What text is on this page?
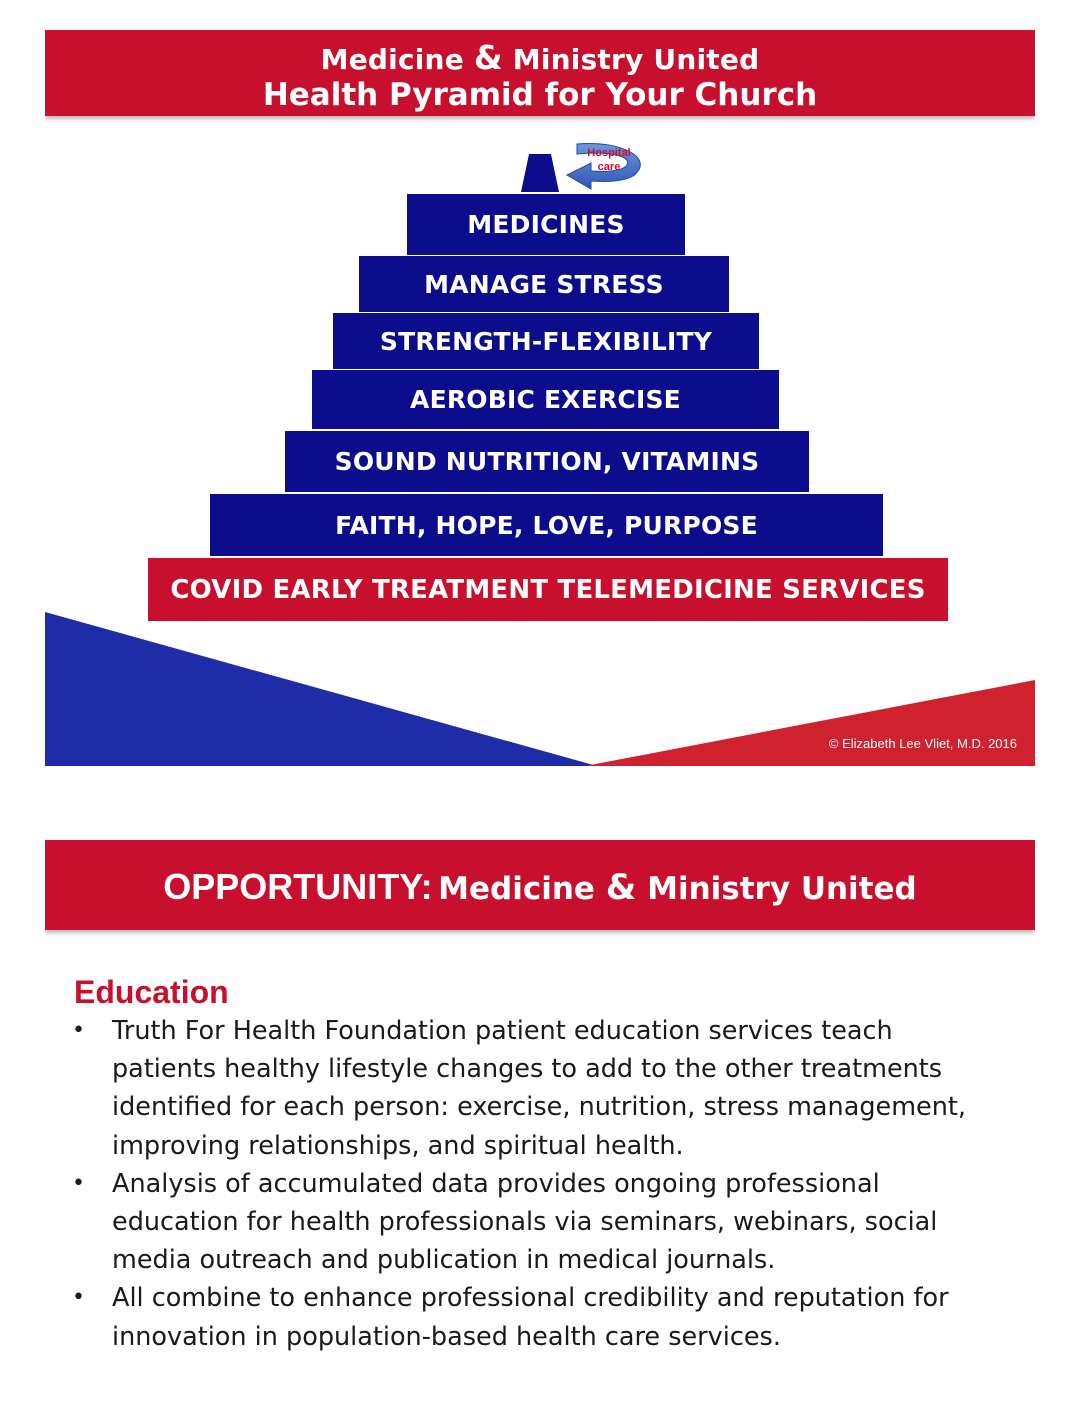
Medicine & Ministry United
Health Pyramid for Your Church
Hospital
care
MEDICINES
MANAGE STRESS
STRENGTH-FLEXIBILITY
AEROBIC EXERCISE
SOUND NUTRITION, VITAMINS
FAITH, HOPE, LOVE, PURPOSE
COVID EARLY TREATMENT TELEMEDICINE SERVICES
© Elizabeth Lee Vliet, M.D. 2016
OPPORTUNITY: Medicine & Ministry United
Education
• Truth For Health Foundation patient education services teach patients healthy lifestyle changes to add to the other treatments identified for each person: exercise, nutrition, stress management, improving relationships, and spiritual health.
• Analysis of accumulated data provides ongoing professional education for health professionals via seminars, webinars, social media outreach and publication in medical journals.
• All combine to enhance professional credibility and reputation for innovation in population-based health care services.
